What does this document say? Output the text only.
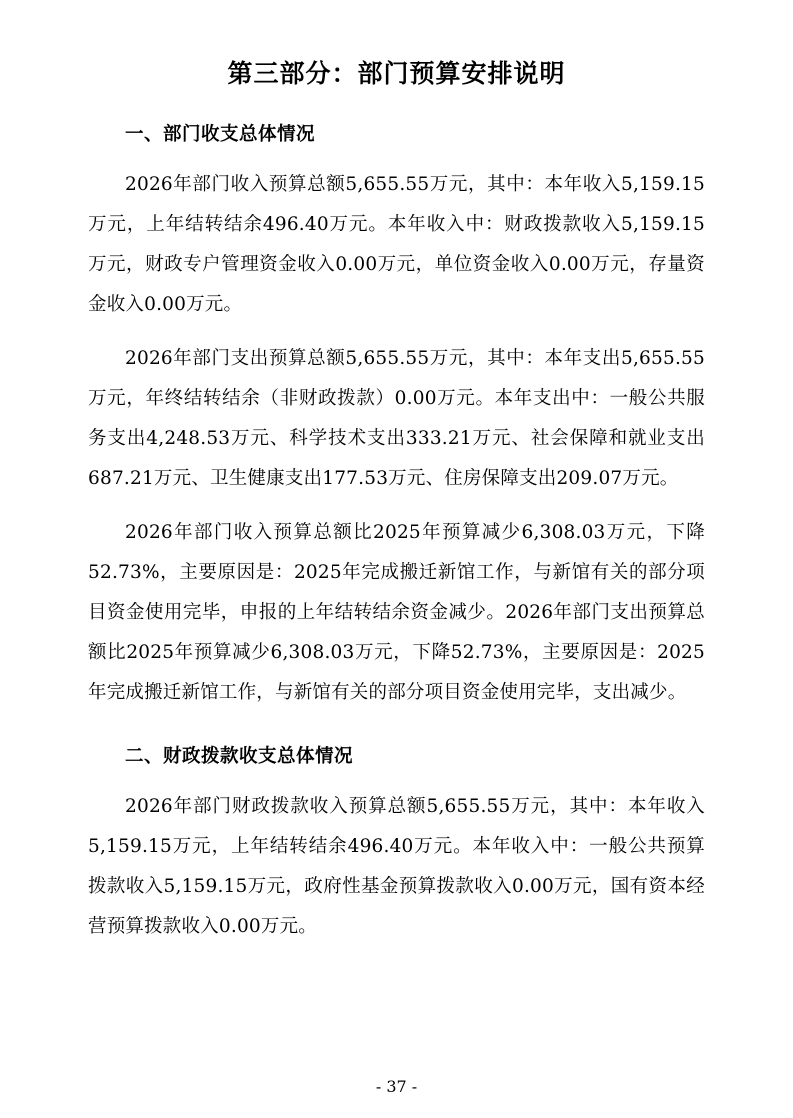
第三部分：部门预算安排说明
一、部门收支总体情况

2026年部门收入预算总额5,655.55万元，其中：本年收入5,159.15万元，上年结转结余496.40万元。本年收入中：财政拨款收入5,159.15万元，财政专户管理资金收入0.00万元，单位资金收入0.00万元，存量资金收入0.00万元。

2026年部门支出预算总额5,655.55万元，其中：本年支出5,655.55万元，年终结转结余（非财政拨款）0.00万元。本年支出中：一般公共服务支出4,248.53万元、科学技术支出333.21万元、社会保障和就业支出687.21万元、卫生健康支出177.53万元、住房保障支出209.07万元。

2026年部门收入预算总额比2025年预算减少6,308.03万元，下降52.73%，主要原因是：2025年完成搬迁新馆工作，与新馆有关的部分项目资金使用完毕，申报的上年结转结余资金减少。2026年部门支出预算总额比2025年预算减少6,308.03万元，下降52.73%，主要原因是：2025年完成搬迁新馆工作，与新馆有关的部分项目资金使用完毕，支出减少。

二、财政拨款收支总体情况

2026年部门财政拨款收入预算总额5,655.55万元，其中：本年收入5,159.15万元，上年结转结余496.40万元。本年收入中：一般公共预算拨款收入5,159.15万元，政府性基金预算拨款收入0.00万元，国有资本经营预算拨款收入0.00万元。

- 37 -
